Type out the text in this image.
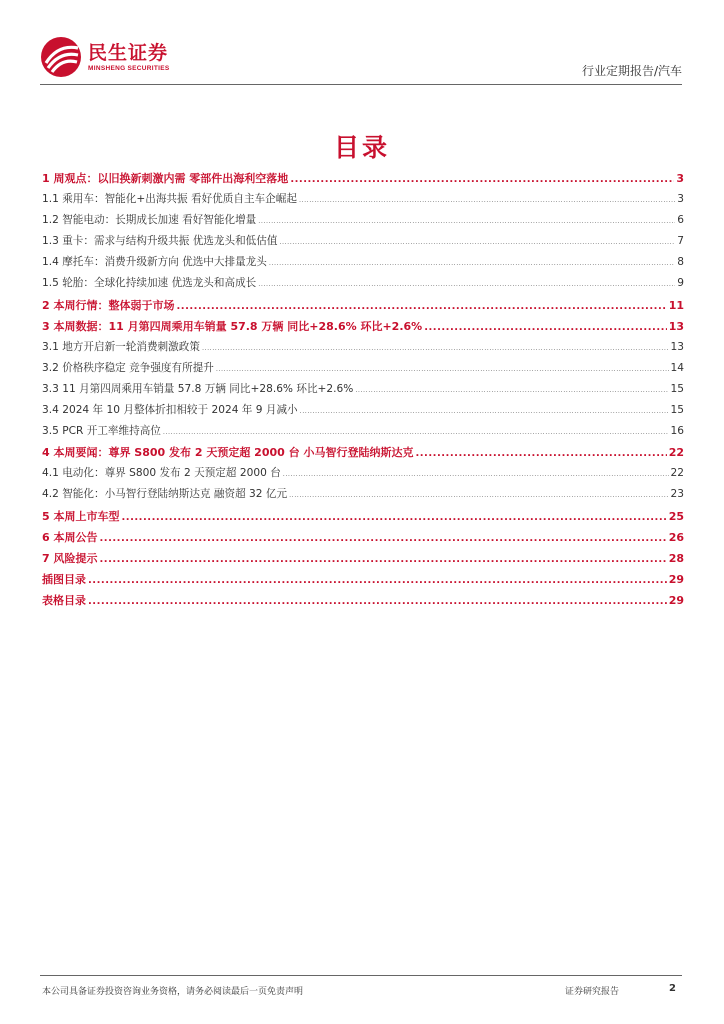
民生证券
MINSHENG SECURITIES	行业定期报告/汽车
目录
1 周观点：以旧换新刺激内需 零部件出海利空落地 .....	3
1.1 乘用车：智能化+出海共振 看好优质自主车企崛起 .....	3
1.2 智能电动：长期成长加速 看好智能化增量 .....	6
1.3 重卡：需求与结构升级共振 优选龙头和低估值 .....	7
1.4 摩托车：消费升级新方向 优选中大排量龙头 .....	8
1.5 轮胎：全球化持续加速 优选龙头和高成长 .....	9
2 本周行情：整体弱于市场 .....	11
3 本周数据：11 月第四周乘用车销量 57.8 万辆 同比+28.6% 环比+2.6% .....	13
3.1 地方开启新一轮消费刺激政策 .....	13
3.2 价格秩序稳定 竞争强度有所提升 .....	14
3.3 11 月第四周乘用车销量 57.8 万辆 同比+28.6% 环比+2.6% .....	15
3.4 2024 年 10 月整体折扣相较于 2024 年 9 月减小 .....	15
3.5 PCR 开工率维持高位 .....	16
4 本周要闻：尊界 S800 发布 2 天预定超 2000 台 小马智行登陆纳斯达克 .....	22
4.1 电动化：尊界 S800 发布 2 天预定超 2000 台 .....	22
4.2 智能化：小马智行登陆纳斯达克 融资超 32 亿元 .....	23
5 本周上市车型 .....	25
6 本周公告 .....	26
7 风险提示 .....	28
插图目录 .....	29
表格目录 .....	29
本公司具备证券投资咨询业务资格，请务必阅读最后一页免责声明	证券研究报告	2
